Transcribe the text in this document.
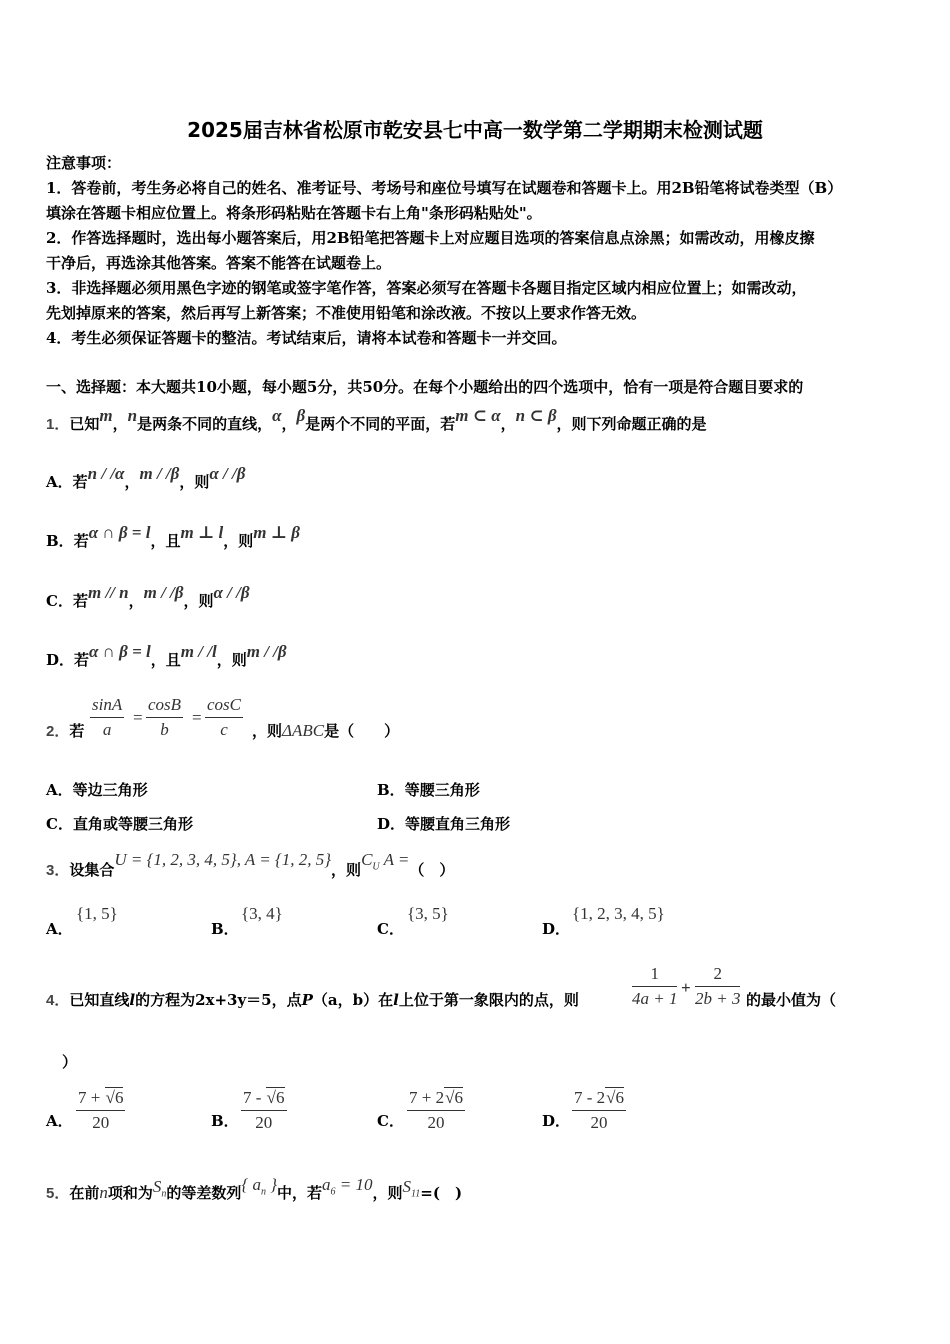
2025届吉林省松原市乾安县七中高一数学第二学期期末检测试题
注意事项：
1．答卷前，考生务必将自己的姓名、准考证号、考场号和座位号填写在试题卷和答题卡上。用2B铅笔将试卷类型（B）
填涂在答题卡相应位置上。将条形码粘贴在答题卡右上角"条形码粘贴处"。
2．作答选择题时，选出每小题答案后，用2B铅笔把答题卡上对应题目选项的答案信息点涂黑；如需改动，用橡皮擦
干净后，再选涂其他答案。答案不能答在试题卷上。
3．非选择题必须用黑色字迹的钢笔或签字笔作答，答案必须写在答题卡各题目指定区域内相应位置上；如需改动，
先划掉原来的答案，然后再写上新答案；不准使用铅笔和涂改液。不按以上要求作答无效。
4．考生必须保证答题卡的整洁。考试结束后，请将本试卷和答题卡一并交回。
一、选择题：本大题共10小题，每小题5分，共50分。在每个小题给出的四个选项中，恰有一项是符合题目要求的
1．已知m，n是两条不同的直线，α，β是两个不同的平面，若m ⊂ α，n ⊂ β，则下列命题正确的是
A．若n / /α，m / /β，则α / /β
B．若α ∩ β = l，且m ⊥ l，则m ⊥ β
C．若m // n，m / /β，则α / /β
D．若α ∩ β = l，且m / /l，则m / /β
2．若
sinA
a
=
cosB
b
=
cosC
c	，则ΔABC是（　　）
A．等边三角形	B．等腰三角形
C．直角或等腰三角形	D．等腰直角三角形
3．设集合U = {1, 2, 3, 4, 5}, A = {1, 2, 5}，则$C_U$ A =（　）
A．
{1, 5}
B．
{3, 4}
C．
{3, 5}
D．
{1, 2, 3, 4, 5}
4．已知直线l的方程为2x+3y＝5，点P（a，b）在l上位于第一象限内的点，则
1
4a + 1
+
2
2b + 3 的最小值为（
）
A．
7 + √6
20	B．
7 - √6
20	C．
7 + 2√6
20	D．
7 - 2√6
20
5．在前n项和为$S_n$的等差数列{ $a_n$ }中，若$a_6 = 10$，则$S_{11}=$(　)
